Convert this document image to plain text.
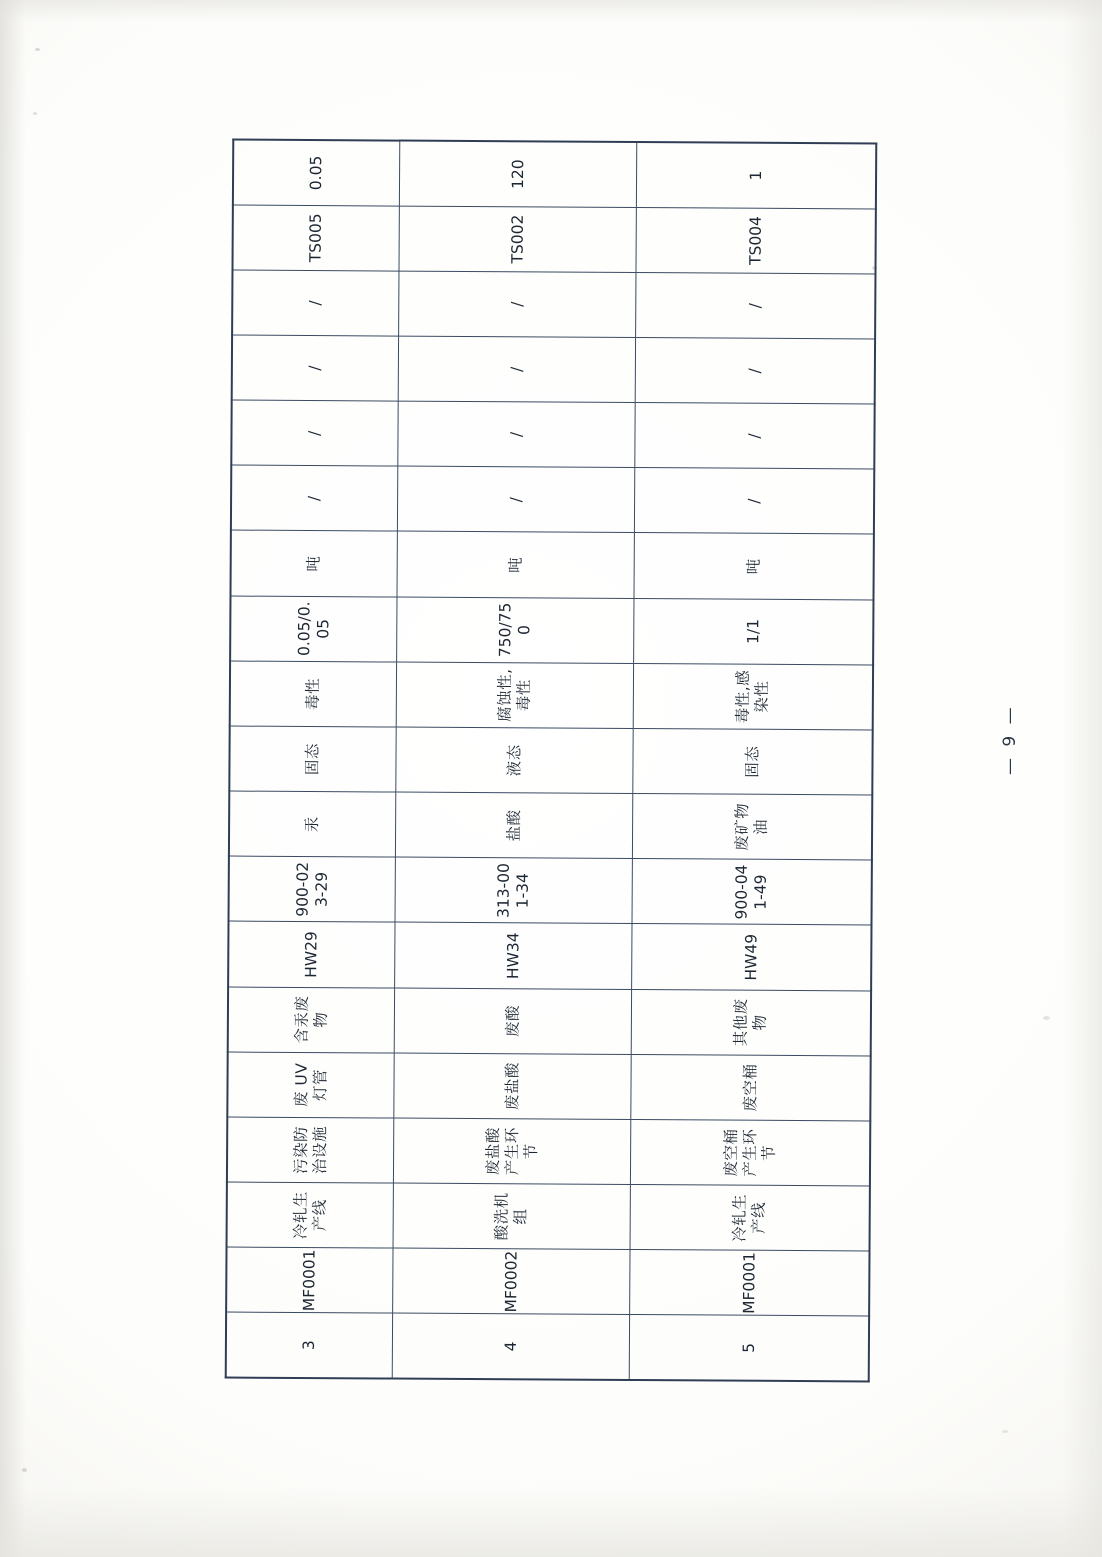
3	MF0001	冷轧生产线	污染防治设施	废 UV 灯管	含汞废物	HW29	900-023-29	汞	固态	毒性	0.05/0.05	吨	/	/	/	/	TS005	0.05
4	MF0002	酸洗机组	废盐酸产生环节	废盐酸	废酸	HW34	313-001-34	盐酸	液态	腐蚀性,毒性	750/750	吨	/	/	/	/	TS002	120
5	MF0001	冷轧生产线	废空桶产生环节	废空桶	其他废物	HW49	900-041-49	废矿物油	固态	毒性,感染性	1/1	吨	/	/	/	/	TS004	1
— 9 —
